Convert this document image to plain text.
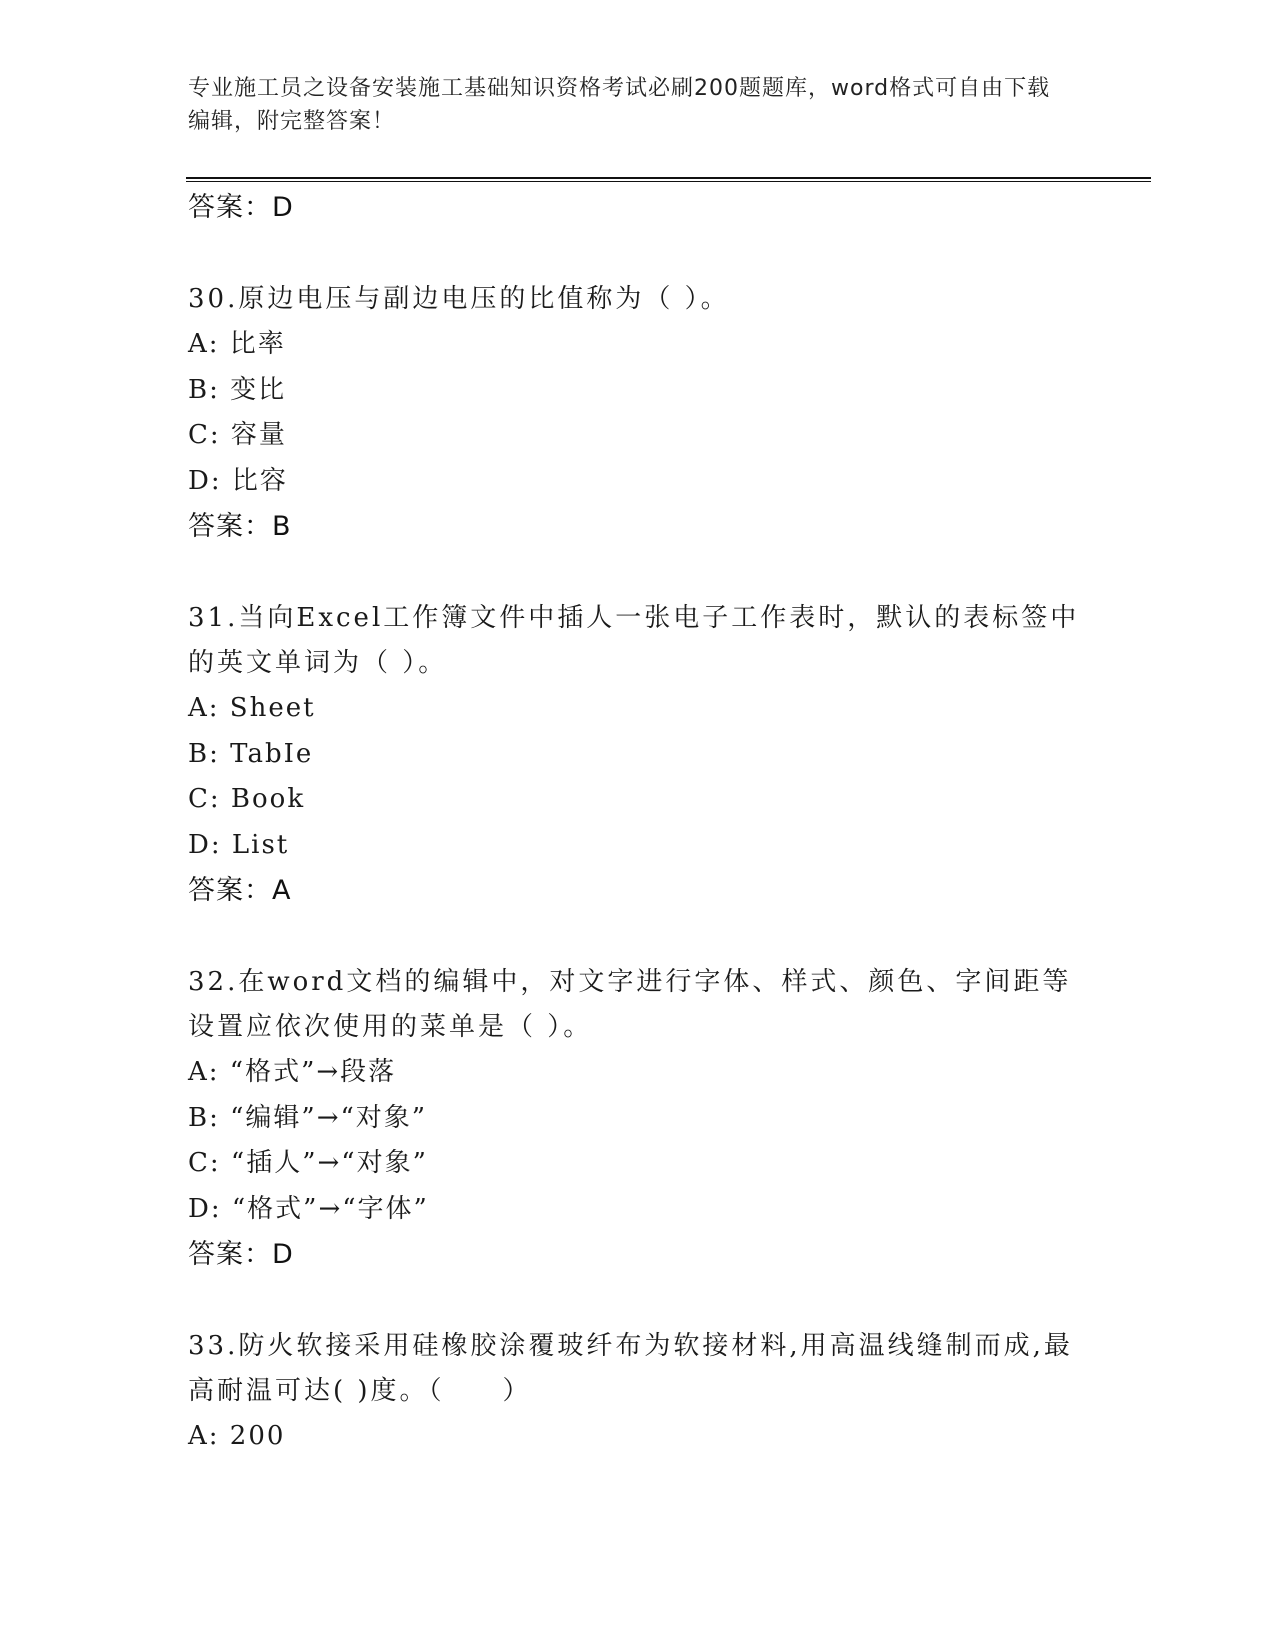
专业施工员之设备安装施工基础知识资格考试必刷200题题库，word格式可自由下载编辑，附完整答案！
答案：D
30.原边电压与副边电压的比值称为（ ）。
A: 比率
B: 变比
C: 容量
D: 比容
答案：B
31.当向Excel工作簿文件中插人一张电子工作表时，默认的表标签中的英文单词为（ ）。
A: Sheet
B: TabIe
C: Book
D: List
答案：A
32.在word文档的编辑中，对文字进行字体、样式、颜色、字间距等设置应依次使用的菜单是（ ）。
A: “格式”→段落
B: “编辑”→“对象”
C: “插人”→“对象”
D: “格式”→“字体”
答案：D
33.防火软接采用硅橡胶涂覆玻纤布为软接材料,用高温线缝制而成,最高耐温可达( )度。（　　）
A: 200
